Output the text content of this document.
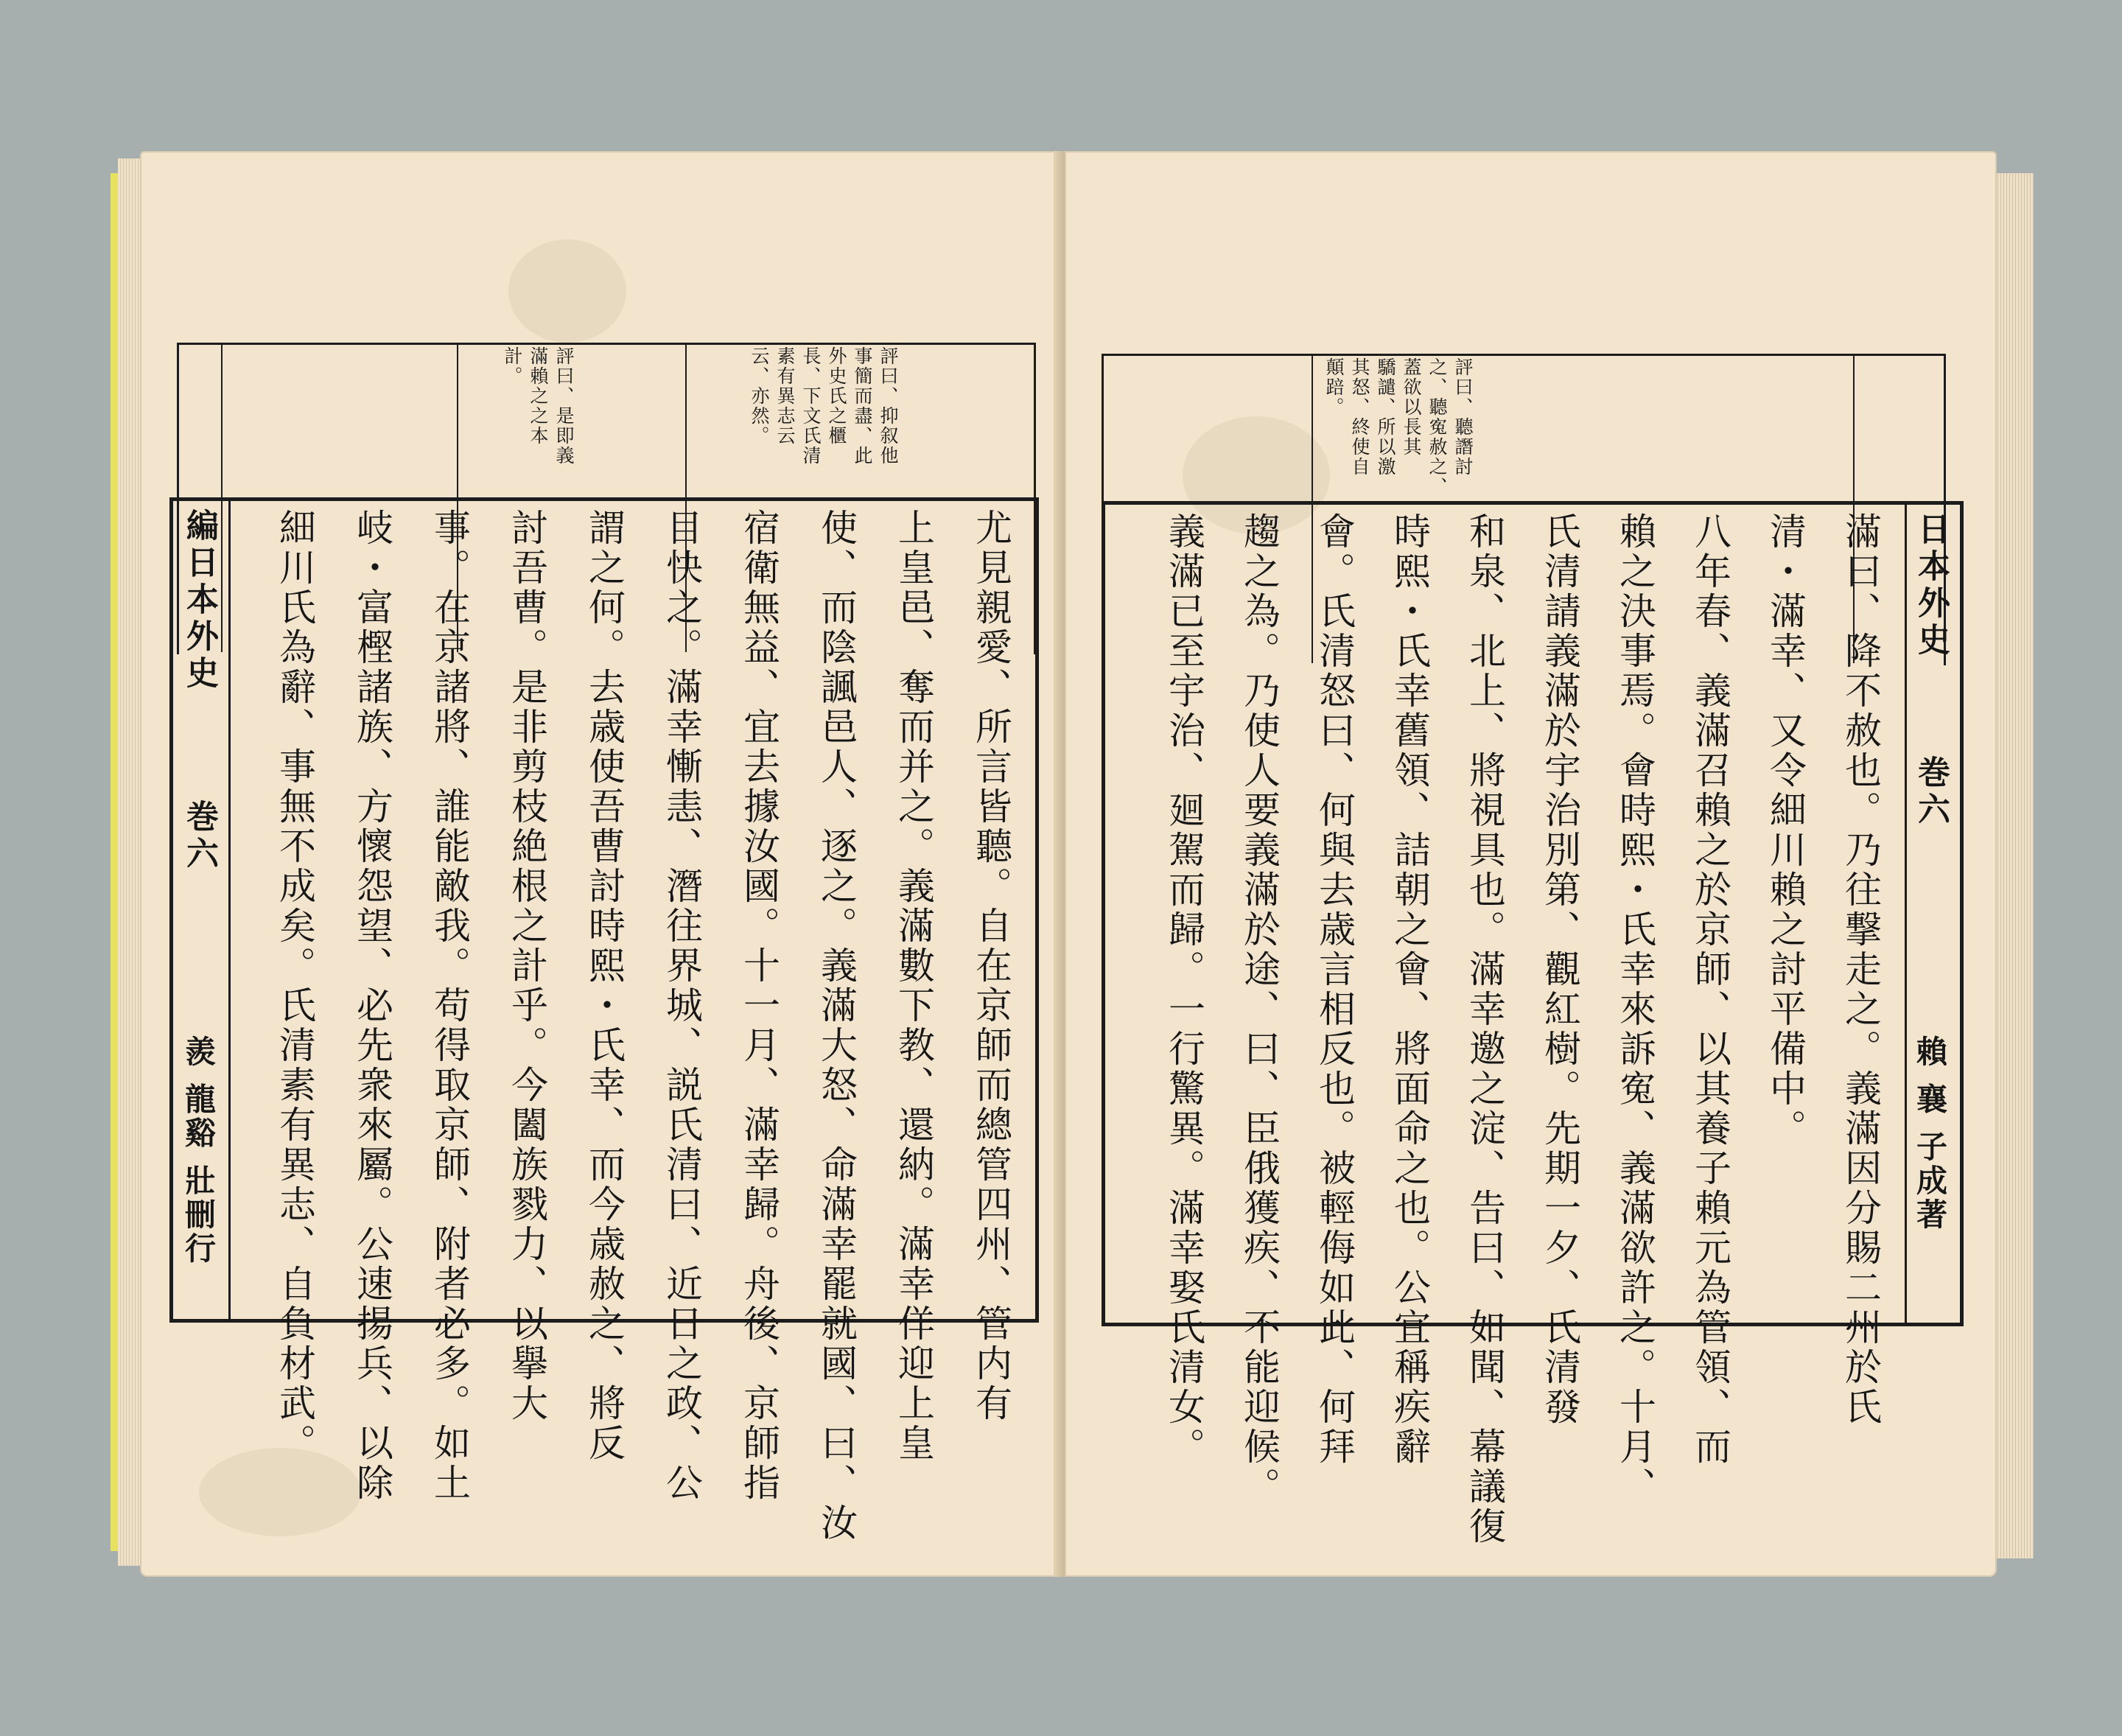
評曰、抑叙他
事簡而盡、此
外史氏之櫃
長、下文氏清
素有異志云
云、亦然。
評曰、是即義
滿賴之之本
計。
編日本外史
巻六
羨 龍谿 壯刪行	尤見親愛、所言皆聽。自在京師而總管四州、管内有
上皇邑、奪而并之。義滿數下教、還納。滿幸佯迎上皇
使、而陰諷邑人、逐之。義滿大怒、命滿幸罷就國、曰、汝
宿衛無益、宜去據汝國。十一月、滿幸歸。舟後、京師指
目快之。滿幸慚恚、潛往界城、説氏清曰、近日之政、公
謂之何。去歳使吾曹討時熙・氏幸、而今歳赦之、將反
討吾曹。是非剪枝絶根之計乎。今闔族戮力、以擧大
事。在京諸將、誰能敵我。苟得取京師、附者必多。如土
岐・富樫諸族、方懷怨望、必先衆來屬。公速揚兵、以除
細川氏為辭、事無不成矣。氏清素有異志、自負材武。
評曰、聽譖討
之、聽寃赦之、
蓋欲以長其
驕譴、所以激
其怒、終使自
顛踣。
日本外史
巻六
賴 襄 子成著
滿曰、降不赦也。乃往撃走之。義滿因分賜二州於氏
清・滿幸、又令細川賴之討平備中。
八年春、義滿召賴之於京師、以其養子賴元為管領、而
賴之決事焉。會時熙・氏幸來訴寃、義滿欲許之。十月、
氏清請義滿於宇治別第、觀紅樹。先期一夕、氏清發
和泉、北上、將視具也。滿幸邀之淀、告曰、如聞、幕議復
時熙・氏幸舊領、詰朝之會、將面命之也。公宜稱疾辭
會。氏清怒曰、何與去歳言相反也。被輕侮如此、何拜
趨之為。乃使人要義滿於途、曰、臣俄獲疾、不能迎候。
義滿已至宇治、廻駕而歸。一行驚異。滿幸娶氏清女。
